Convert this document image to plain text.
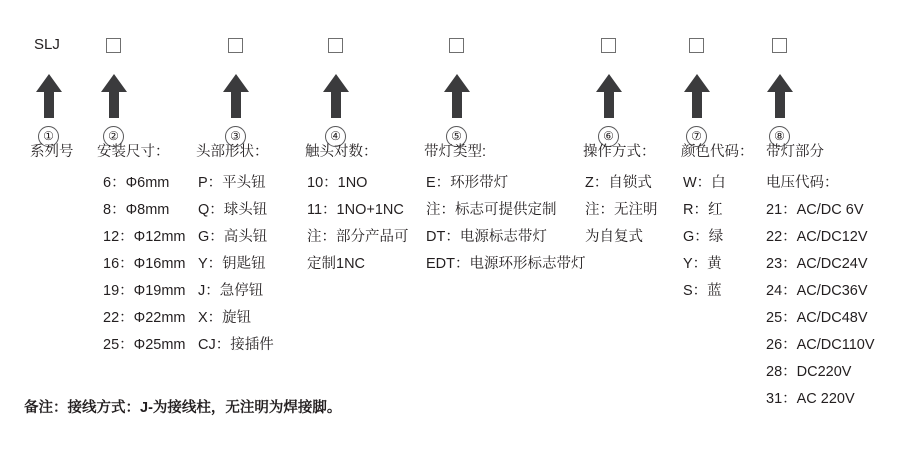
SLJ
①
系列号
②
安装尺寸：
6：Φ6mm
8：Φ8mm
12：Φ12mm
16：Φ16mm
19：Φ19mm
22：Φ22mm
25：Φ25mm
③
头部形状：
P：平头钮
Q：球头钮
G：高头钮
Y：钥匙钮
J：急停钮
X：旋钮
CJ：接插件
④
触头对数：
10：1NO
11：1NO+1NC
注：部分产品可
定制1NC
⑤
带灯类型:
E：环形带灯
注：标志可提供定制
DT：电源标志带灯
EDT：电源环形标志带灯
⑥
操作方式：
Z：自锁式
注：无注明
为自复式
⑦
颜色代码：
W：白
R：红
G：绿
Y：黄
S：蓝
⑧
带灯部分
电压代码：
21：AC/DC 6V
22：AC/DC12V
23：AC/DC24V
24：AC/DC36V
25：AC/DC48V
26：AC/DC110V
28：DC220V
31：AC 220V
备注：接线方式：J-为接线柱，无注明为焊接脚。
